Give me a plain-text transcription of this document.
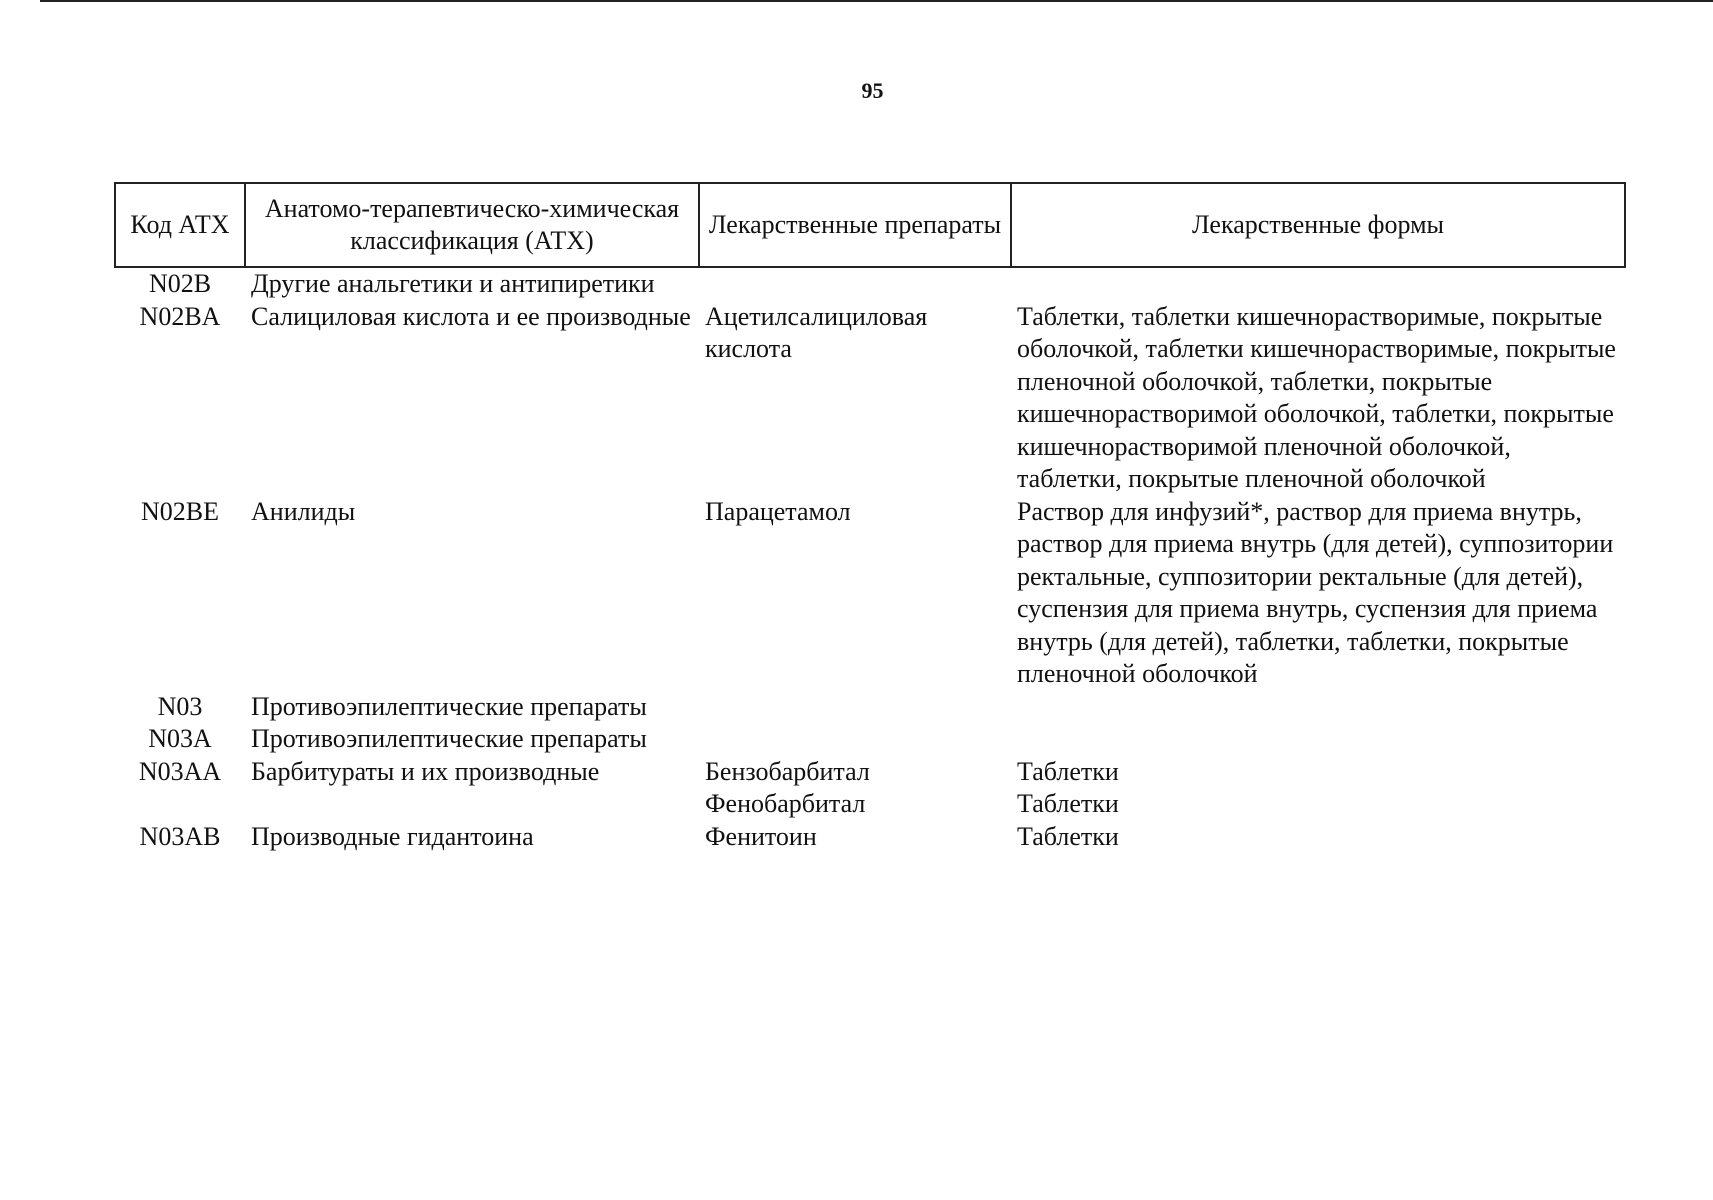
95
Код АТХ	Анатомо-терапевтическо-химическая классификация (АТХ)	Лекарственные препараты	Лекарственные формы
N02B	Другие анальгетики и антипиретики		
N02BA	Салициловая кислота и ее производные	Ацетилсалициловая кислота	Таблетки, таблетки кишечнорастворимые, покрытые оболочкой, таблетки кишечнорастворимые, покрытые пленочной оболочкой, таблетки, покрытые кишечнорастворимой оболочкой, таблетки, покрытые кишечнорастворимой пленочной оболочкой, таблетки, покрытые пленочной оболочкой
N02BE	Анилиды	Парацетамол	Раствор для инфузий*, раствор для приема внутрь, раствор для приема внутрь (для детей), суппозитории ректальные, суппозитории ректальные (для детей), суспензия для приема внутрь, суспензия для приема внутрь (для детей), таблетки, таблетки, покрытые пленочной оболочкой
N03	Противоэпилептические препараты		
N03A	Противоэпилептические препараты		
N03AA	Барбитураты и их производные	Бензобарбитал	Таблетки
		Фенобарбитал	Таблетки
N03AB	Производные гидантоина	Фенитоин	Таблетки
